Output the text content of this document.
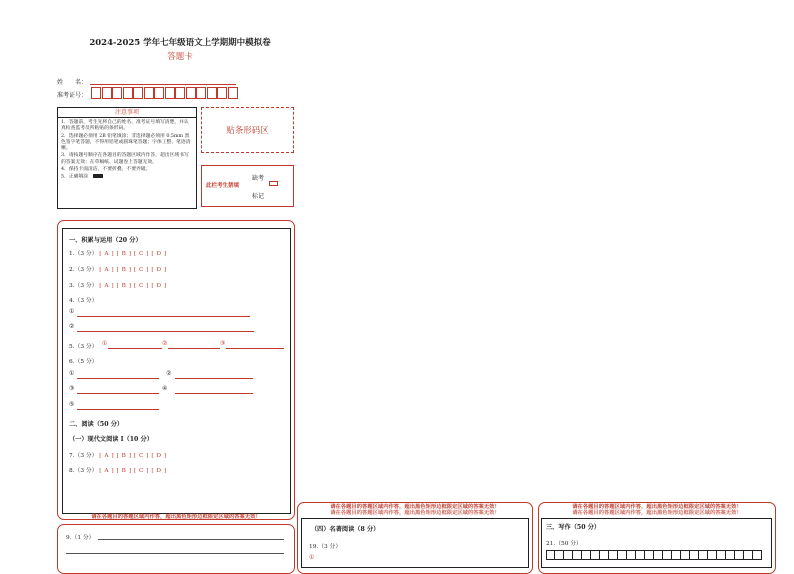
2024-2025 学年七年级语文上学期期中模拟卷
答题卡
姓　　名：
准考证号：
注意事项
1．答题前，考生先将自己的姓名、准考证号填写清楚，并认真检查监考员所粘贴的条形码。
2．选择题必须用 2B 铅笔填涂；非选择题必须用 0.5mm 黑色签字笔答题，不得用铅笔或圆珠笔答题；字体工整、笔迹清晰。
3．请按题号顺序在各题目的答题区域内作答，超出区域书写的答案无效；在草稿纸、试题卷上答题无效。
4．保持卡面清洁，不要折叠、不要弄破。
5．正确填涂
贴条形码区
缺考
此栏考生禁填
标记
一、积累与运用（20 分）
1.（3 分） [ A ] [ B ] [ C ] [ D ]
2.（3 分） [ A ] [ B ] [ C ] [ D ]
3.（3 分） [ A ] [ B ] [ C ] [ D ]
4.（3 分）
①
②
5.（3 分） ①	②	③
6.（5 分）
①	②
③	④
⑤
二、阅读（50 分）
（一）现代文阅读 Ⅰ（10 分）
7.（3 分） [ A ] [ B ] [ C ] [ D ]
8.（3 分） [ A ] [ B ] [ C ] [ D ]
请在各题目的答题区域内作答，超出黑色矩形边框限定区域的答案无效！
9.（1 分）
请在各题目的答题区域内作答，超出黑色矩形边框限定区域的答案无效！
请在各题目的答题区域内作答，超出黑色矩形边框限定区域的答案无效！
（四）名著阅读（8 分）
19.（3 分）
①
请在各题目的答题区域内作答，超出黑色矩形边框限定区域的答案无效！
请在各题目的答题区域内作答，超出黑色矩形边框限定区域的答案无效！
三、写作（50 分）
21.（50 分）
